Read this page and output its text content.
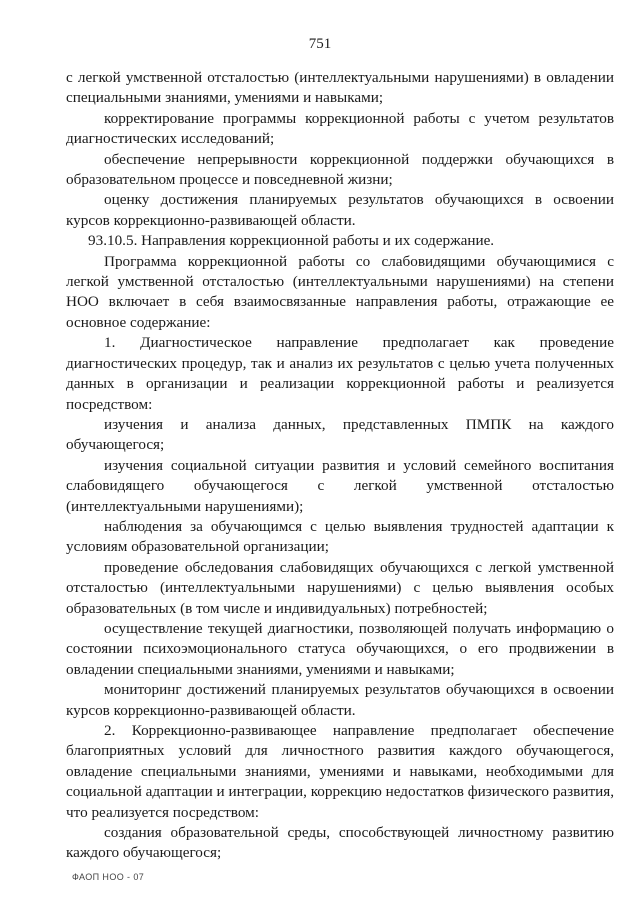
751

с легкой умственной отсталостью (интеллектуальными нарушениями) в овладении специальными знаниями, умениями и навыками;

корректирование программы коррекционной работы с учетом результатов диагностических исследований;

обеспечение непрерывности коррекционной поддержки обучающихся в образовательном процессе и повседневной жизни;

оценку достижения планируемых результатов обучающихся в освоении курсов коррекционно-развивающей области.

93.10.5. Направления коррекционной работы и их содержание.

Программа коррекционной работы со слабовидящими обучающимися с легкой умственной отсталостью (интеллектуальными нарушениями) на степени НОО включает в себя взаимосвязанные направления работы, отражающие ее основное содержание:

1. Диагностическое направление предполагает как проведение диагностических процедур, так и анализ их результатов с целью учета полученных данных в организации и реализации коррекционной работы и реализуется посредством:

изучения и анализа данных, представленных ПМПК на каждого обучающегося;

изучения социальной ситуации развития и условий семейного воспитания слабовидящего обучающегося с легкой умственной отсталостью (интеллектуальными нарушениями);

наблюдения за обучающимся с целью выявления трудностей адаптации к условиям образовательной организации;

проведение обследования слабовидящих обучающихся с легкой умственной отсталостью (интеллектуальными нарушениями) с целью выявления особых образовательных (в том числе и индивидуальных) потребностей;

осуществление текущей диагностики, позволяющей получать информацию о состоянии психоэмоционального статуса обучающихся, о его продвижении в овладении специальными знаниями, умениями и навыками;

мониторинг достижений планируемых результатов обучающихся в освоении курсов коррекционно-развивающей области.

2. Коррекционно-развивающее направление предполагает обеспечение благоприятных условий для личностного развития каждого обучающегося, овладение специальными знаниями, умениями и навыками, необходимыми для социальной адаптации и интеграции, коррекцию недостатков физического развития, что реализуется посредством:

создания образовательной среды, способствующей личностному развитию каждого обучающегося;

ФАОП НОО - 07
